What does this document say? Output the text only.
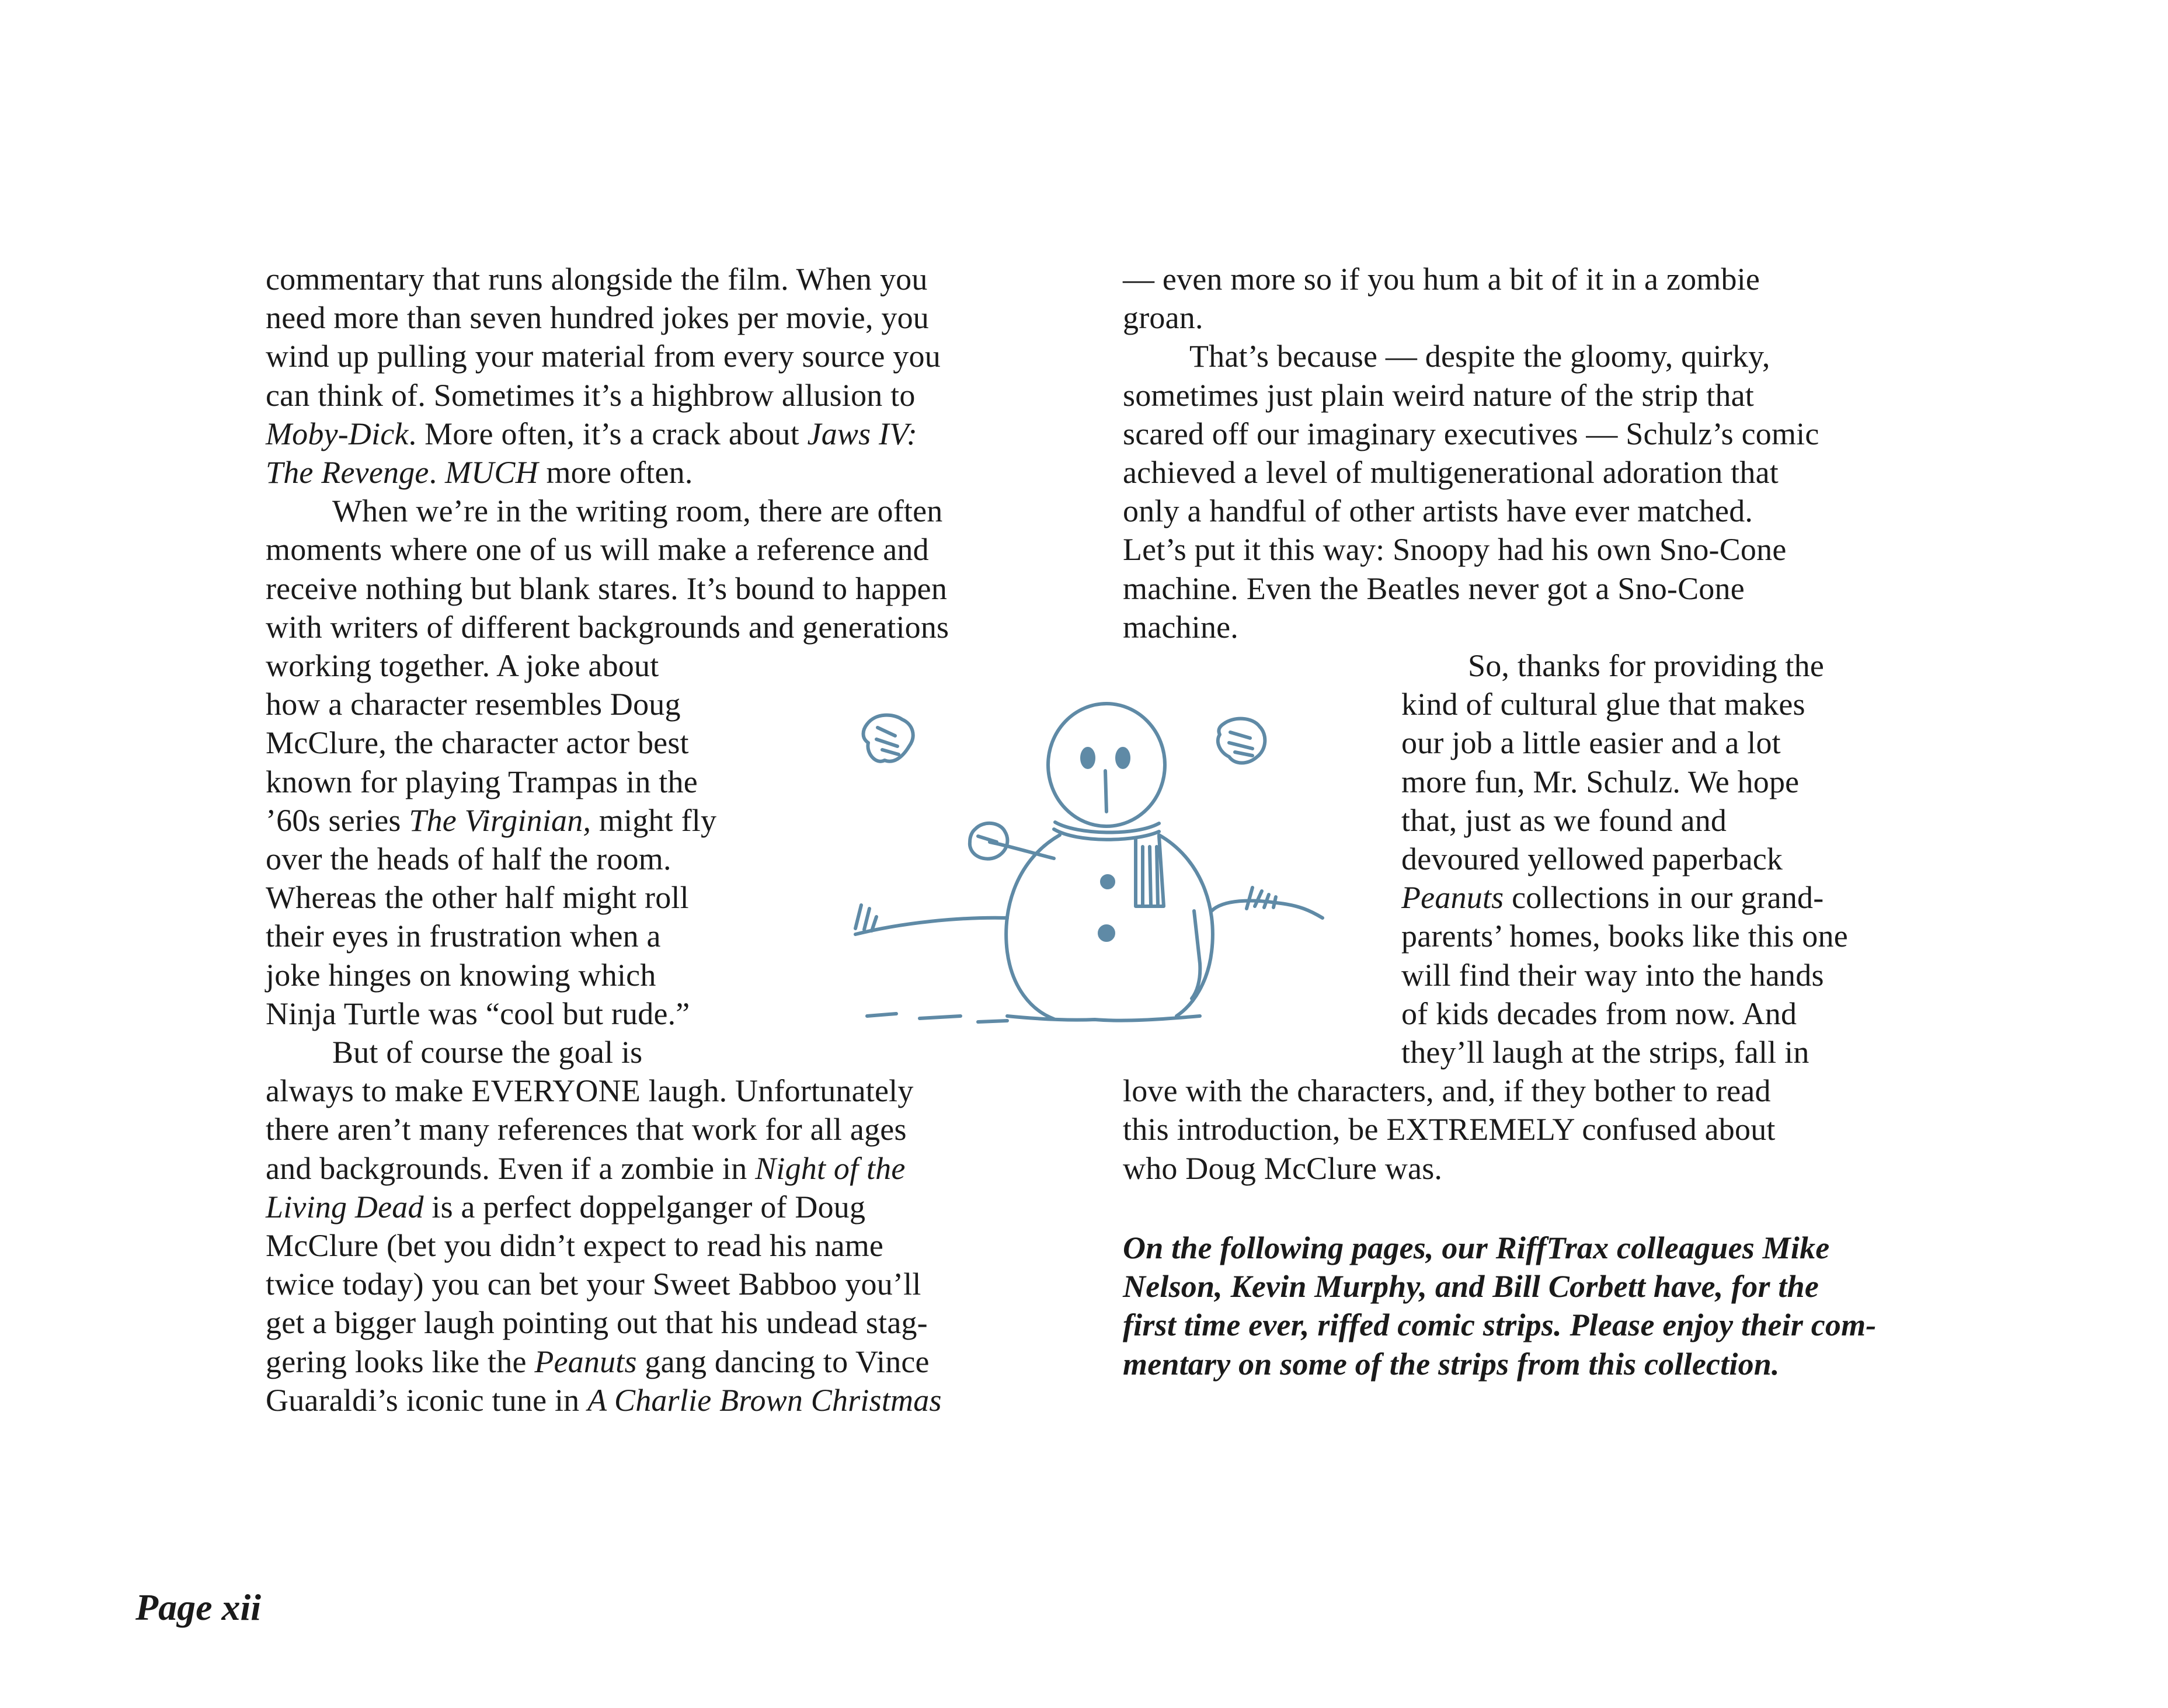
commentary that runs alongside the film. When you
need more than seven hundred jokes per movie, you
wind up pulling your material from every source you
can think of. Sometimes it’s a highbrow allusion to
Moby-Dick. More often, it’s a crack about Jaws IV:
The Revenge. MUCH more often.
When we’re in the writing room, there are often
moments where one of us will make a reference and
receive nothing but blank stares. It’s bound to happen
with writers of different backgrounds and generations
working together. A joke about
how a character resembles Doug
McClure, the character actor best
known for playing Trampas in the
’60s series The Virginian, might fly
over the heads of half the room.
Whereas the other half might roll
their eyes in frustration when a
joke hinges on knowing which
Ninja Turtle was “cool but rude.”
But of course the goal is
always to make EVERYONE laugh. Unfortunately
there aren’t many references that work for all ages
and backgrounds. Even if a zombie in Night of the
Living Dead is a perfect doppelganger of Doug
McClure (bet you didn’t expect to read his name
twice today) you can bet your Sweet Babboo you’ll
get a bigger laugh pointing out that his undead stag-
gering looks like the Peanuts gang dancing to Vince
Guaraldi’s iconic tune in A Charlie Brown Christmas
— even more so if you hum a bit of it in a zombie
groan.
That’s because — despite the gloomy, quirky,
sometimes just plain weird nature of the strip that
scared off our imaginary executives — Schulz’s comic
achieved a level of multigenerational adoration that
only a handful of other artists have ever matched.
Let’s put it this way: Snoopy had his own Sno-Cone
machine. Even the Beatles never got a Sno-Cone
machine.
So, thanks for providing the
kind of cultural glue that makes
our job a little easier and a lot
more fun, Mr. Schulz. We hope
that, just as we found and
devoured yellowed paperback
Peanuts collections in our grand-
parents’ homes, books like this one
will find their way into the hands
of kids decades from now. And
they’ll laugh at the strips, fall in
love with the characters, and, if they bother to read
this introduction, be EXTREMELY confused about
who Doug McClure was.
On the following pages, our RiffTrax colleagues Mike
Nelson, Kevin Murphy, and Bill Corbett have, for the
first time ever, riffed comic strips. Please enjoy their com-
mentary on some of the strips from this collection.
Page xii
